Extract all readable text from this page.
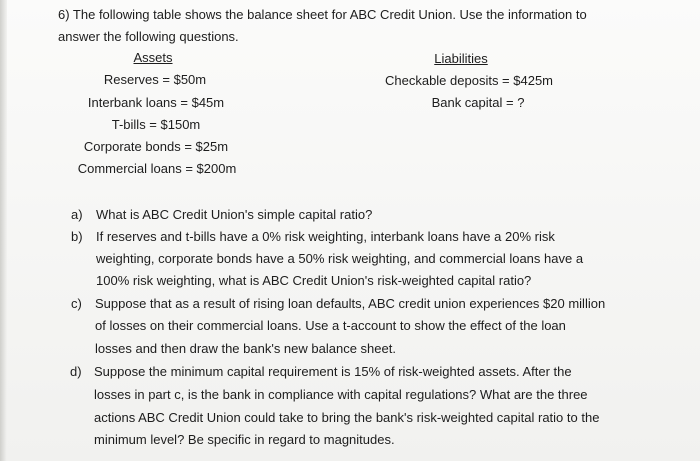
6) The following table shows the balance sheet for ABC Credit Union. Use the information to
answer the following questions.
Assets
Reserves = $50m
Interbank loans = $45m
T-bills = $150m
Corporate bonds = $25m
Commercial loans = $200m
Liabilities
Checkable deposits = $425m
Bank capital = ?
a) What is ABC Credit Union's simple capital ratio?
b) If reserves and t-bills have a 0% risk weighting, interbank loans have a 20% risk
weighting, corporate bonds have a 50% risk weighting, and commercial loans have a
100% risk weighting, what is ABC Credit Union's risk-weighted capital ratio?
c) Suppose that as a result of rising loan defaults, ABC credit union experiences $20 million
of losses on their commercial loans. Use a t-account to show the effect of the loan
losses and then draw the bank's new balance sheet.
d) Suppose the minimum capital requirement is 15% of risk-weighted assets. After the
losses in part c, is the bank in compliance with capital regulations? What are the three
actions ABC Credit Union could take to bring the bank's risk-weighted capital ratio to the
minimum level? Be specific in regard to magnitudes.
